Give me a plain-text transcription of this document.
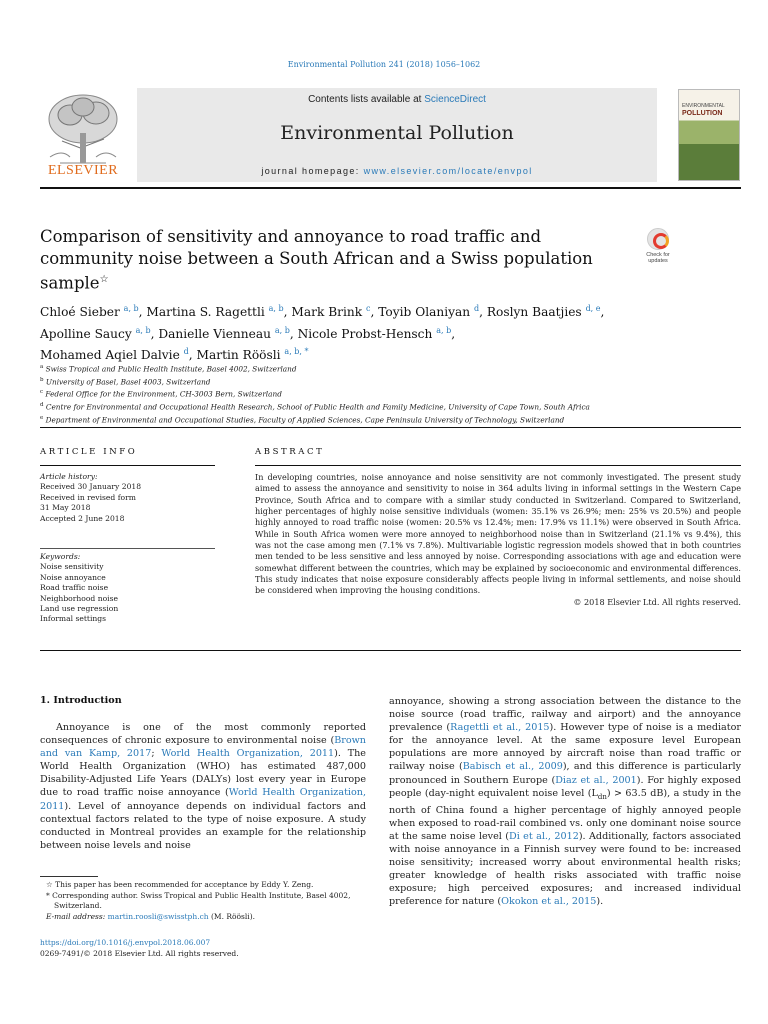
Environmental Pollution 241 (2018) 1056–1062
ELSEVIER
Contents lists available at ScienceDirect
Environmental Pollution
journal homepage: www.elsevier.com/locate/envpol
ENVIRONMENTAL
POLLUTION
Comparison of sensitivity and annoyance to road traffic and
community noise between a South African and a Swiss population
sample☆
Check for
updates
Chloé Sieber $^{a, b}$, Martina S. Ragettli $^{a, b}$, Mark Brink $^c$, Toyib Olaniyan $^d$, Roslyn Baatjies $^{d, e}$,
Apolline Saucy $^{a, b}$, Danielle Vienneau $^{a, b}$, Nicole Probst-Hensch $^{a, b}$,
Mohamed Aqiel Dalvie $^d$, Martin Röösli $^{a, b, *}$
$^a$ Swiss Tropical and Public Health Institute, Basel 4002, Switzerland
$^b$ University of Basel, Basel 4003, Switzerland
$^c$ Federal Office for the Environment, CH-3003 Bern, Switzerland
$^d$ Centre for Environmental and Occupational Health Research, School of Public Health and Family Medicine, University of Cape Town, South Africa
$^e$ Department of Environmental and Occupational Studies, Faculty of Applied Sciences, Cape Peninsula University of Technology, Switzerland
ARTICLE INFO	ABSTRACT
Article history:
Received 30 January 2018
Received in revised form
31 May 2018
Accepted 2 June 2018
Keywords:
Noise sensitivity
Noise annoyance
Road traffic noise
Neighborhood noise
Land use regression
Informal settings
In developing countries, noise annoyance and noise sensitivity are not commonly investigated. The present study aimed to assess the annoyance and sensitivity to noise in 364 adults living in informal settings in the Western Cape Province, South Africa and to compare with a similar study conducted in Switzerland. Compared to Switzerland, higher percentages of highly noise sensitive individuals (women: 35.1% vs 26.9%; men: 25% vs 20.5%) and people highly annoyed to road traffic noise (women: 20.5% vs 12.4%; men: 17.9% vs 11.1%) were observed in South Africa. While in South Africa women were more annoyed to neighborhood noise than in Switzerland (21.1% vs 9.4%), this was not the case among men (7.1% vs 7.8%). Multivariable logistic regression models showed that in both countries men tended to be less sensitive and less annoyed by noise. Corresponding associations with age and education were somewhat different between the countries, which may be explained by socioeconomic and environmental differences. This study indicates that noise exposure considerably affects people living in informal settlements, and noise should be considered when improving the housing conditions.
© 2018 Elsevier Ltd. All rights reserved.
1. Introduction

Annoyance is one of the most commonly reported consequences of chronic exposure to environmental noise (Brown and van Kamp, 2017; World Health Organization, 2011). The World Health Organization (WHO) has estimated 487,000 Disability-Adjusted Life Years (DALYs) lost every year in Europe due to road traffic noise annoyance (World Health Organization, 2011). Level of annoyance depends on individual factors and contextual factors related to the type of noise exposure. A study conducted in Montreal provides an example for the relationship between noise levels and noise

annoyance, showing a strong association between the distance to the noise source (road traffic, railway and airport) and the annoyance prevalence (Ragettli et al., 2015). However type of noise is a mediator for the annoyance level. At the same exposure level European populations are more annoyed by aircraft noise than road traffic or railway noise (Babisch et al., 2009), and this difference is particularly pronounced in Southern Europe (Diaz et al., 2001). For highly exposed people (day-night equivalent noise level $(L_{dn}) > 63.5$ dB), a study in the north of China found a higher percentage of highly annoyed people when exposed to road-rail combined vs. only one dominant noise source at the same noise level (Di et al., 2012). Additionally, factors associated with noise annoyance in a Finnish survey were found to be: increased noise sensitivity; increased worry about environmental health risks; greater knowledge of health risks associated with traffic noise exposure; high perceived exposures; and increased individual preference for nature (Okokon et al., 2015).
☆ This paper has been recommended for acceptance by Eddy Y. Zeng.
* Corresponding author. Swiss Tropical and Public Health Institute, Basel 4002, Switzerland.
E-mail address: martin.roosli@swisstph.ch (M. Röösli).
https://doi.org/10.1016/j.envpol.2018.06.007
0269-7491/© 2018 Elsevier Ltd. All rights reserved.
